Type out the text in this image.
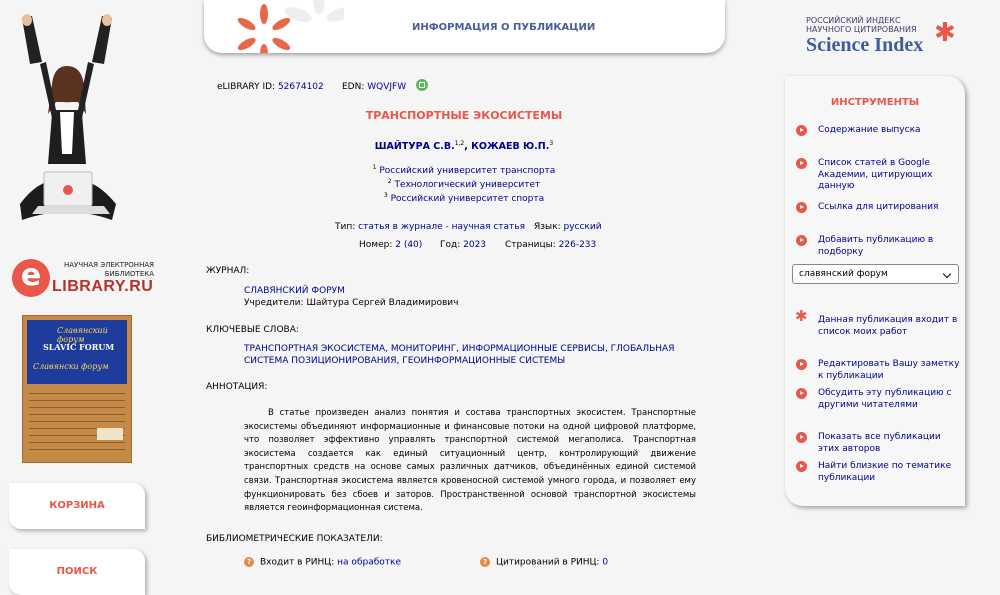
e	НАУЧНАЯ ЭЛЕКТРОННАЯ БИБЛИОТЕКА
LIBRARY.RU
Славянский форум
SLAVIC FORUM
Славянски форум
КОРЗИНА
ПОИСК
ИНФОРМАЦИЯ О ПУБЛИКАЦИИ
РОССИЙСКИЙ ИНДЕКС
НАУЧНОГО ЦИТИРОВАНИЯ
Science Index ✱
eLIBRARY ID: 52674102 EDN: WQVJFW
ТРАНСПОРТНЫЕ ЭКОСИСТЕМЫ
ШАЙТУРА С.В.$^{1,2}$, КОЖАЕВ Ю.П.$^3$
$^1$ Российский университет транспорта
$^2$ Технологический университет
$^3$ Российский университет спорта
Тип: статья в журнале - научная статья Язык: русский
Номер: 2 (40) Год: 2023 Страницы: 226-233
ЖУРНАЛ:
СЛАВЯНСКИЙ ФОРУМ
Учредители: Шайтура Сергей Владимирович
КЛЮЧЕВЫЕ СЛОВА:
ТРАНСПОРТНАЯ ЭКОСИСТЕМА, МОНИТОРИНГ, ИНФОРМАЦИОННЫЕ СЕРВИСЫ, ГЛОБАЛЬНАЯ СИСТЕМА ПОЗИЦИОНИРОВАНИЯ, ГЕОИНФОРМАЦИОННЫЕ СИСТЕМЫ
АННОТАЦИЯ:
В статье произведен анализ понятия и состава транспортных экосистем. Транспортные экосистемы объединяют информационные и финансовые потоки на одной цифровой платформе, что позволяет эффективно управлять транспортной системой мегаполиса. Транспортная экосистема создается как единый ситуационный центр, контролирующий движение транспортных средств на основе самых различных датчиков, объединённых единой системой связи. Транспортная экосистема является кровеносной системой умного города, и позволяет ему функционировать без сбоев и заторов. Пространственной основой транспортной экосистемы является геоинформационная система.
БИБЛИОМЕТРИЧЕСКИЕ ПОКАЗАТЕЛИ:
? Входит в РИНЦ: на обработке	? Цитирований в РИНЦ: 0
ИНСТРУМЕНТЫ
Содержание выпуска
Список статей в Google Академии, цитирующих данную
Ссылка для цитирования
Добавить публикацию в подборку
славянский форум
✱ Данная публикация входит в список моих работ
Редактировать Вашу заметку к публикации
Обсудить эту публикацию с другими читателями
Показать все публикации этих авторов
Найти близкие по тематике публикации
